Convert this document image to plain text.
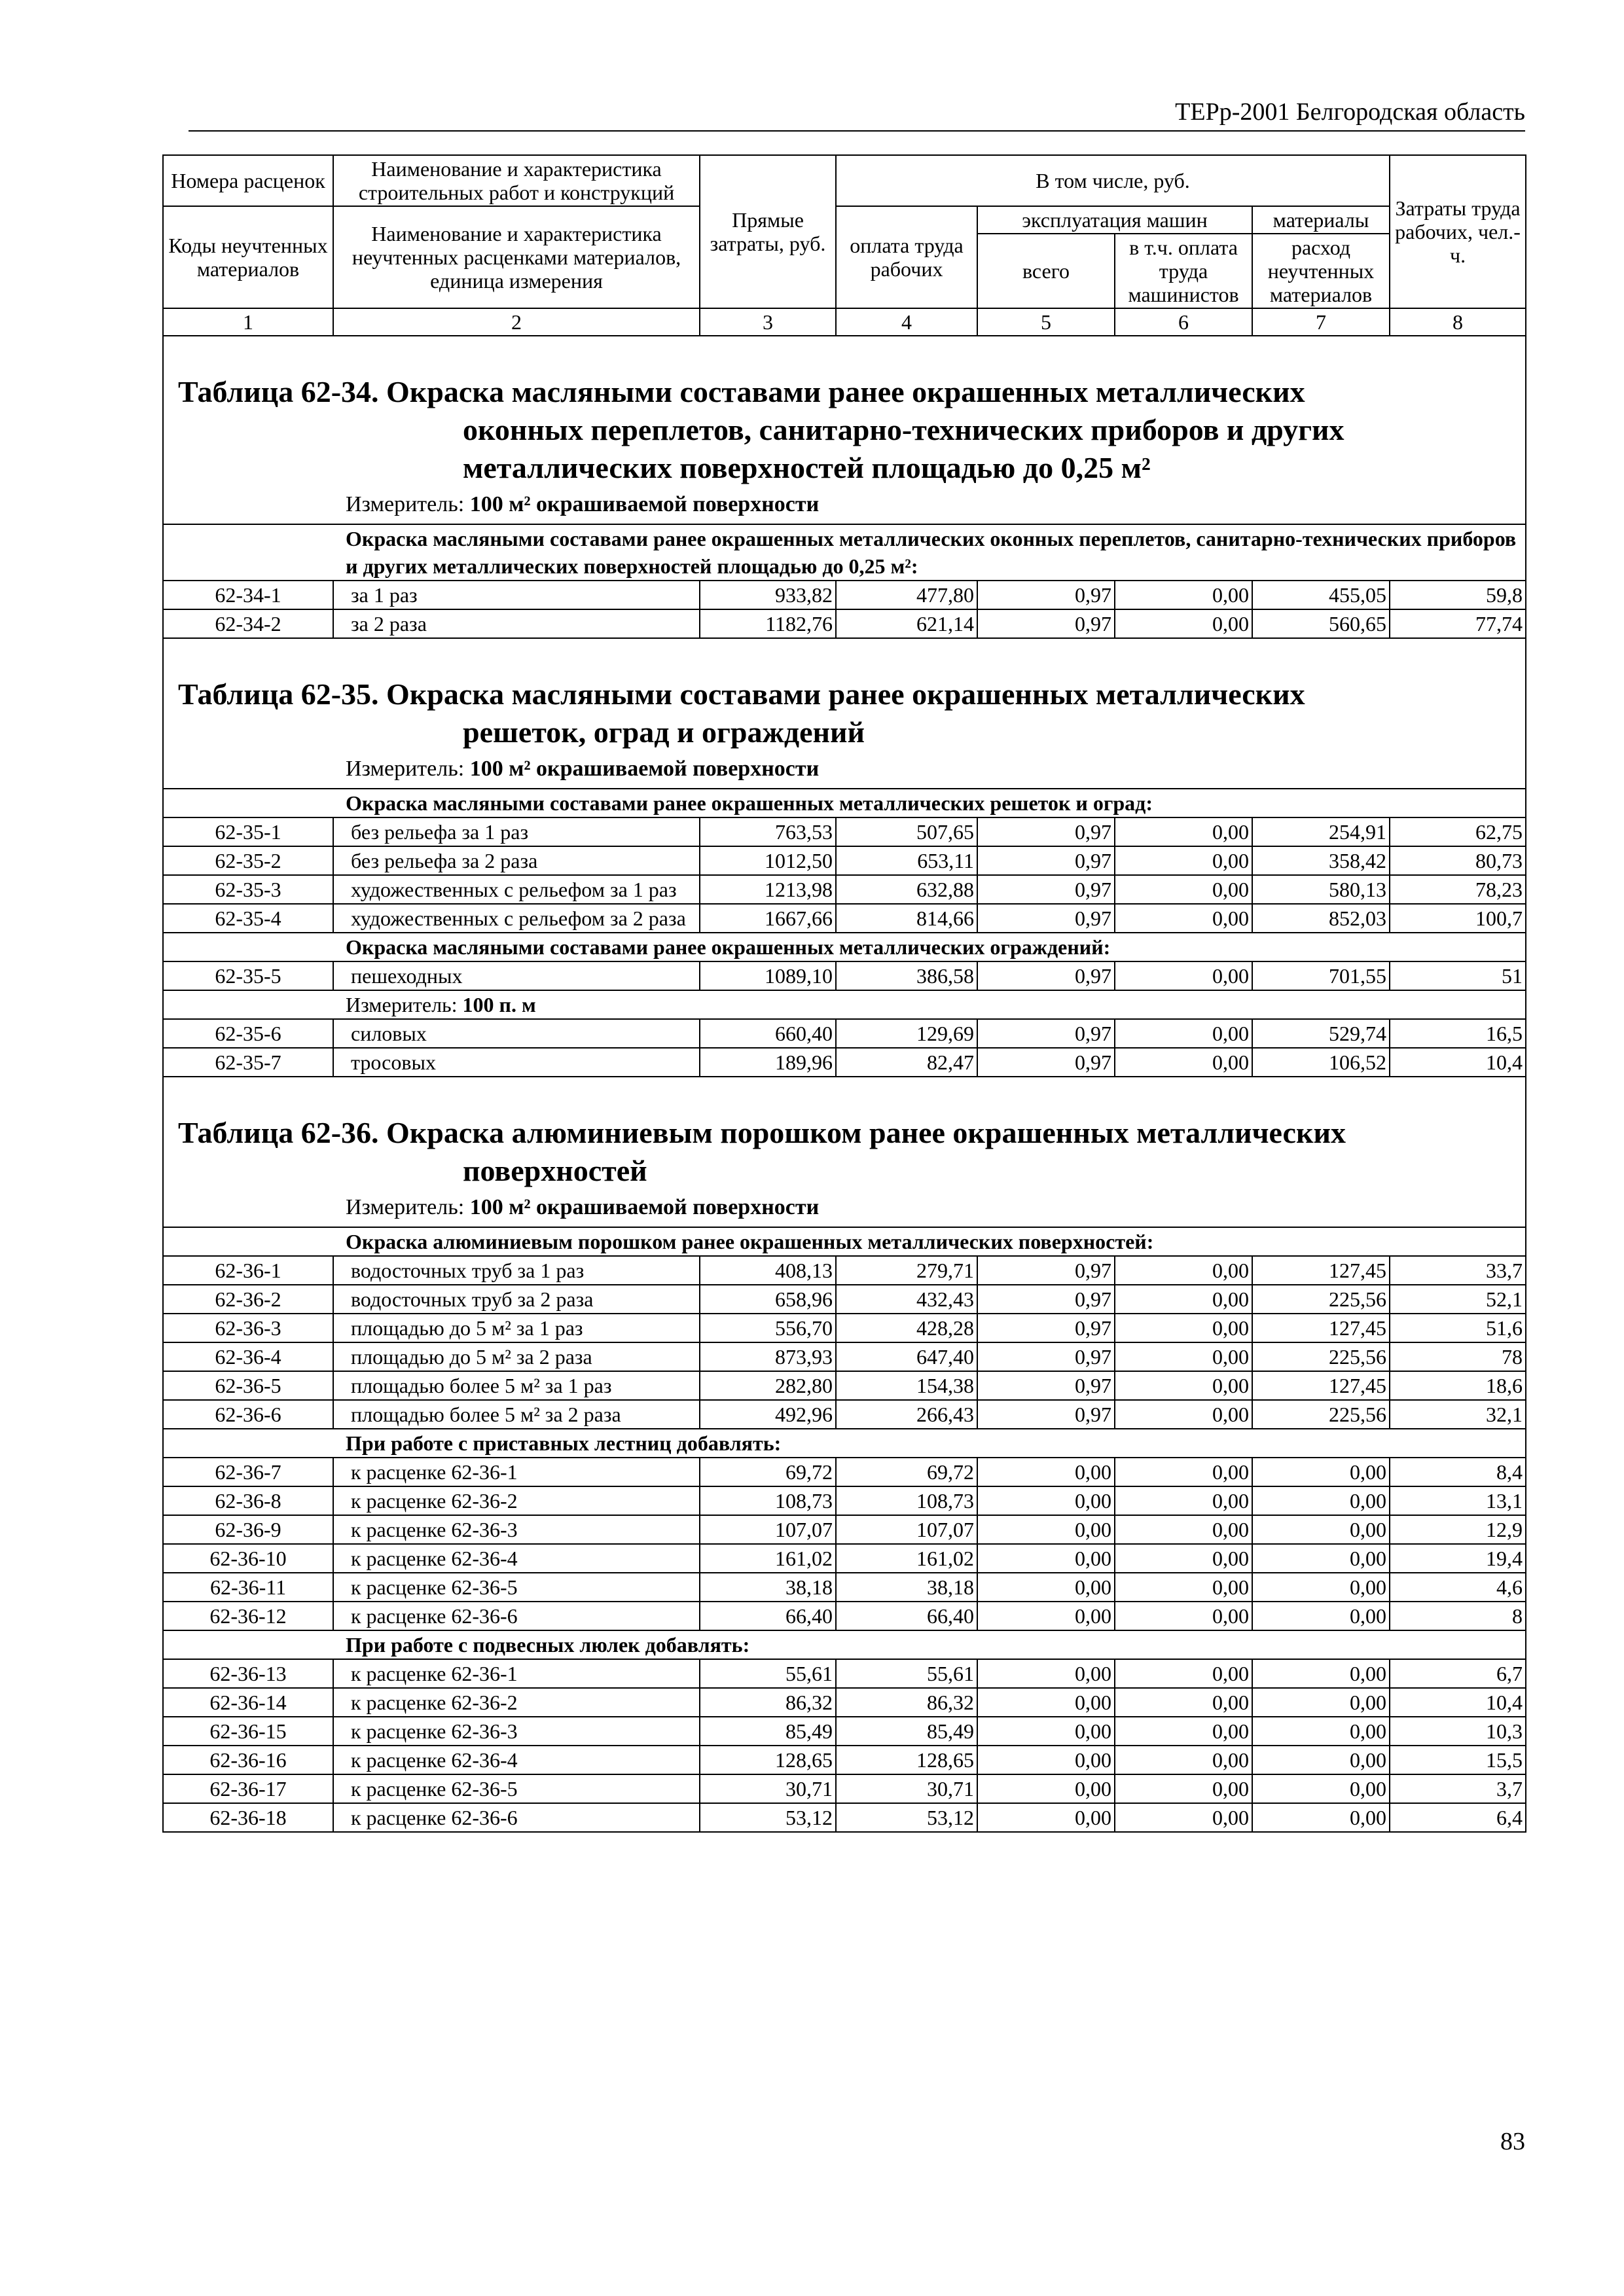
ТЕРр-2001 Белгородская область
Номера расценок	Наименование и характеристика строительных работ и конструкций	Прямые затраты, руб.	В том числе, руб.				Затраты труда рабочих, чел.-ч.
Коды неучтенных материалов	Наименование и характеристика неучтенных расценками материалов, единица измерения		оплата труда рабочих	эксплуатация машин		материалы	
				всего	в т.ч. оплата труда машинистов	расход неучтенных материалов	
1	2	3	4	5	6	7	8

Таблица 62-34. Окраска масляными составами ранее окрашенных металлических
оконных переплетов, санитарно-технических приборов и других
металлических поверхностей площадью до 0,25 м²
Измеритель: 100 м² окрашиваемой поверхности							

Окраска масляными составами ранее окрашенных металлических оконных переплетов, санитарно-технических приборов и других металлических поверхностей площадью до 0,25 м²:							
62-34-1	за 1 раз	933,82	477,80	0,97	0,00	455,05	59,8
62-34-2	за 2 раза	1182,76	621,14	0,97	0,00	560,65	77,74

Таблица 62-35. Окраска масляными составами ранее окрашенных металлических
решеток, оград и ограждений
Измеритель: 100 м² окрашиваемой поверхности							

Окраска масляными составами ранее окрашенных металлических решеток и оград:							
62-35-1	без рельефа за 1 раз	763,53	507,65	0,97	0,00	254,91	62,75
62-35-2	без рельефа за 2 раза	1012,50	653,11	0,97	0,00	358,42	80,73
62-35-3	художественных с рельефом за 1 раз	1213,98	632,88	0,97	0,00	580,13	78,23
62-35-4	художественных с рельефом за 2 раза	1667,66	814,66	0,97	0,00	852,03	100,7
Окраска масляными составами ранее окрашенных металлических ограждений:							
62-35-5	пешеходных	1089,10	386,58	0,97	0,00	701,55	51
Измеритель: 100 п. м							
62-35-6	силовых	660,40	129,69	0,97	0,00	529,74	16,5
62-35-7	тросовых	189,96	82,47	0,97	0,00	106,52	10,4

Таблица 62-36. Окраска алюминиевым порошком ранее окрашенных металлических
поверхностей
Измеритель: 100 м² окрашиваемой поверхности							

Окраска алюминиевым порошком ранее окрашенных металлических поверхностей:							
62-36-1	водосточных труб за 1 раз	408,13	279,71	0,97	0,00	127,45	33,7
62-36-2	водосточных труб за 2 раза	658,96	432,43	0,97	0,00	225,56	52,1
62-36-3	площадью до 5 м² за 1 раз	556,70	428,28	0,97	0,00	127,45	51,6
62-36-4	площадью до 5 м² за 2 раза	873,93	647,40	0,97	0,00	225,56	78
62-36-5	площадью более 5 м² за 1 раз	282,80	154,38	0,97	0,00	127,45	18,6
62-36-6	площадью более 5 м² за 2 раза	492,96	266,43	0,97	0,00	225,56	32,1
При работе с приставных лестниц добавлять:							
62-36-7	к расценке 62-36-1	69,72	69,72	0,00	0,00	0,00	8,4
62-36-8	к расценке 62-36-2	108,73	108,73	0,00	0,00	0,00	13,1
62-36-9	к расценке 62-36-3	107,07	107,07	0,00	0,00	0,00	12,9
62-36-10	к расценке 62-36-4	161,02	161,02	0,00	0,00	0,00	19,4
62-36-11	к расценке 62-36-5	38,18	38,18	0,00	0,00	0,00	4,6
62-36-12	к расценке 62-36-6	66,40	66,40	0,00	0,00	0,00	8
При работе с подвесных люлек добавлять:							
62-36-13	к расценке 62-36-1	55,61	55,61	0,00	0,00	0,00	6,7
62-36-14	к расценке 62-36-2	86,32	86,32	0,00	0,00	0,00	10,4
62-36-15	к расценке 62-36-3	85,49	85,49	0,00	0,00	0,00	10,3
62-36-16	к расценке 62-36-4	128,65	128,65	0,00	0,00	0,00	15,5
62-36-17	к расценке 62-36-5	30,71	30,71	0,00	0,00	0,00	3,7
62-36-18	к расценке 62-36-6	53,12	53,12	0,00	0,00	0,00	6,4
83
